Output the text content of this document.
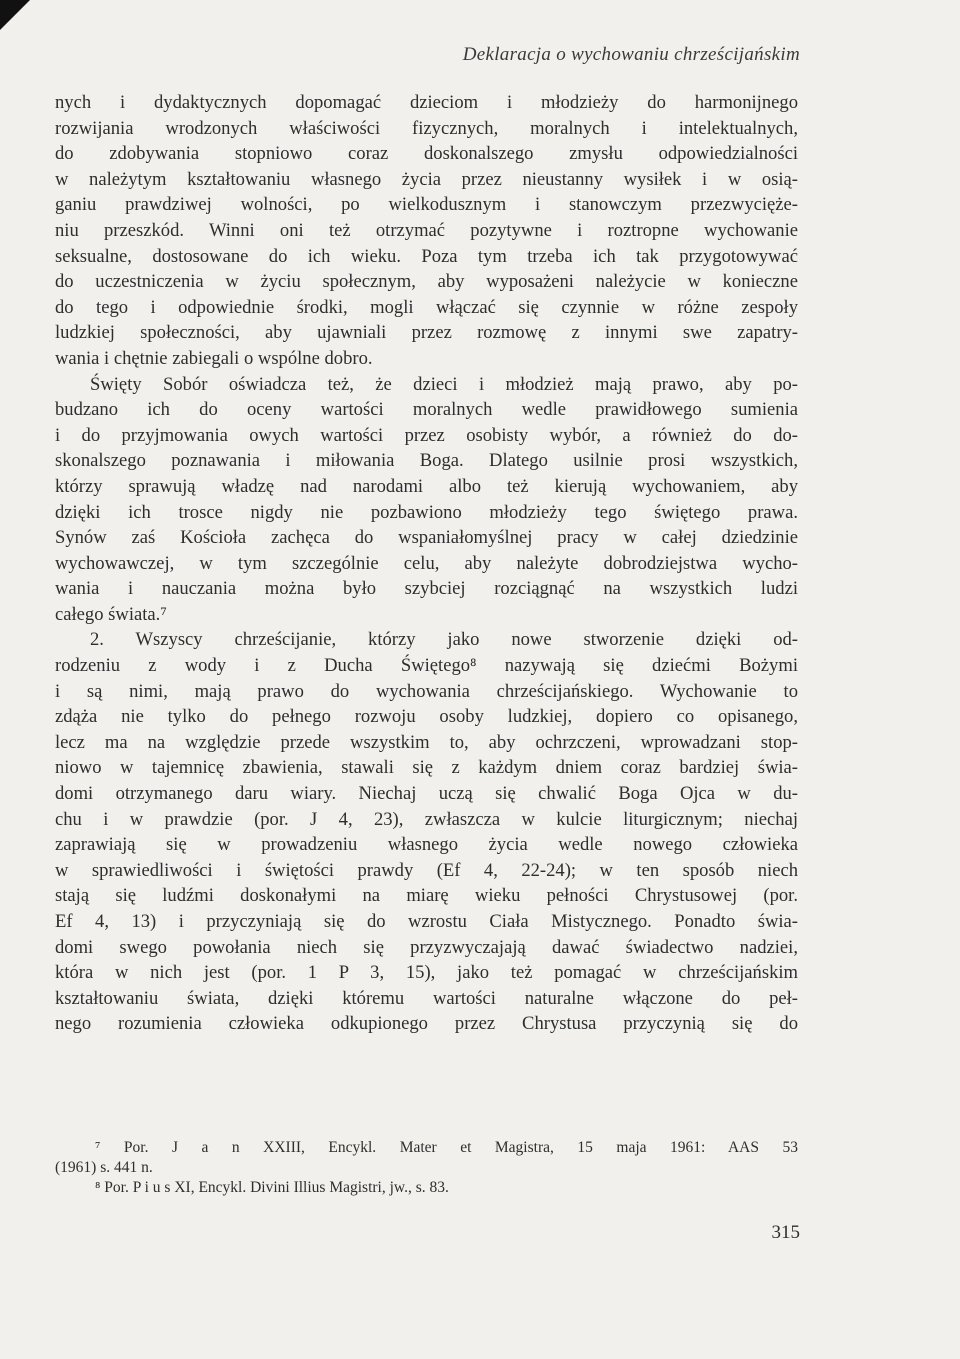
Deklaracja o wychowaniu chrześcijańskim
nych i dydaktycznych dopomagać dzieciom i młodzieży do harmonijnego
rozwijania wrodzonych właściwości fizycznych, moralnych i intelektualnych,
do zdobywania stopniowo coraz doskonalszego zmysłu odpowiedzialności
w należytym kształtowaniu własnego życia przez nieustanny wysiłek i w osią-
ganiu prawdziwej wolności, po wielkodusznym i stanowczym przezwycięże-
niu przeszkód. Winni oni też otrzymać pozytywne i roztropne wychowanie
seksualne, dostosowane do ich wieku. Poza tym trzeba ich tak przygotowywać
do uczestniczenia w życiu społecznym, aby wyposażeni należycie w konieczne
do tego i odpowiednie środki, mogli włączać się czynnie w różne zespoły
ludzkiej społeczności, aby ujawniali przez rozmowę z innymi swe zapatry-
wania i chętnie zabiegali o wspólne dobro.
Święty Sobór oświadcza też, że dzieci i młodzież mają prawo, aby po-
budzano ich do oceny wartości moralnych wedle prawidłowego sumienia
i do przyjmowania owych wartości przez osobisty wybór, a również do do-
skonalszego poznawania i miłowania Boga. Dlatego usilnie prosi wszystkich,
którzy sprawują władzę nad narodami albo też kierują wychowaniem, aby
dzięki ich trosce nigdy nie pozbawiono młodzieży tego świętego prawa.
Synów zaś Kościoła zachęca do wspaniałomyślnej pracy w całej dziedzinie
wychowawczej, w tym szczególnie celu, aby należyte dobrodziejstwa wycho-
wania i nauczania można było szybciej rozciągnąć na wszystkich ludzi
całego świata.⁷
2. Wszyscy chrześcijanie, którzy jako nowe stworzenie dzięki od-
rodzeniu z wody i z Ducha Świętego⁸ nazywają się dziećmi Bożymi
i są nimi, mają prawo do wychowania chrześcijańskiego. Wychowanie to
zdąża nie tylko do pełnego rozwoju osoby ludzkiej, dopiero co opisanego,
lecz ma na względzie przede wszystkim to, aby ochrzczeni, wprowadzani stop-
niowo w tajemnicę zbawienia, stawali się z każdym dniem coraz bardziej świa-
domi otrzymanego daru wiary. Niechaj uczą się chwalić Boga Ojca w du-
chu i w prawdzie (por. J 4, 23), zwłaszcza w kulcie liturgicznym; niechaj
zaprawiają się w prowadzeniu własnego życia wedle nowego człowieka
w sprawiedliwości i świętości prawdy (Ef 4, 22-24); w ten sposób niech
stają się ludźmi doskonałymi na miarę wieku pełności Chrystusowej (por.
Ef 4, 13) i przyczyniają się do wzrostu Ciała Mistycznego. Ponadto świa-
domi swego powołania niech się przyzwyczajają dawać świadectwo nadziei,
która w nich jest (por. 1 P 3, 15), jako też pomagać w chrześcijańskim
kształtowaniu świata, dzięki któremu wartości naturalne włączone do peł-
nego rozumienia człowieka odkupionego przez Chrystusa przyczynią się do
⁷ Por. J a n XXIII, Encykl. Mater et Magistra, 15 maja 1961: AAS 53
(1961) s. 441 n.
⁸ Por. P i u s XI, Encykl. Divini Illius Magistri, jw., s. 83.
315
